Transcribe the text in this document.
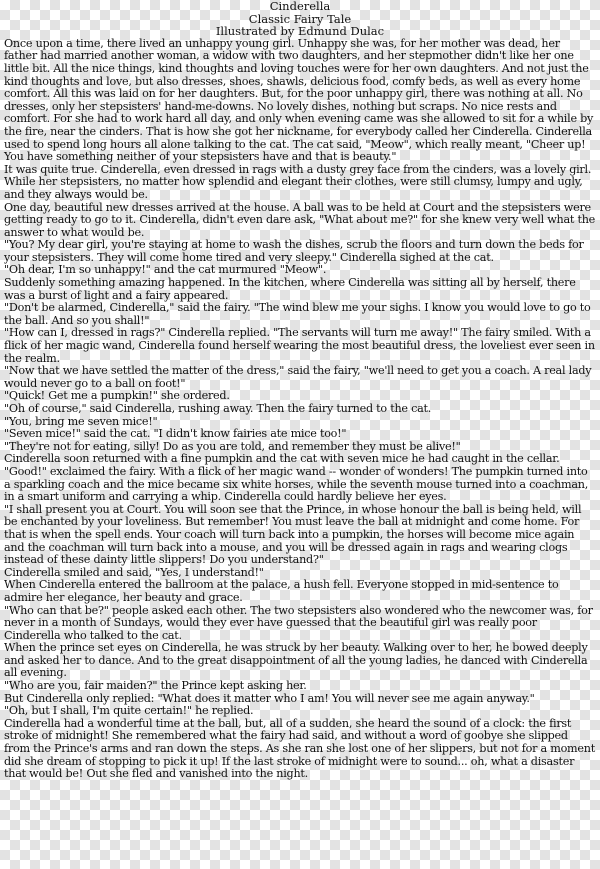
Cinderella
Classic Fairy Tale
Illustrated by Edmund Dulac

Once upon a time, there lived an unhappy young girl. Unhappy she was, for her mother was dead, her father had married another woman, a widow with two daughters, and her stepmother didn't like her one little bit. All the nice things, kind thoughts and loving touches were for her own daughters. And not just the kind thoughts and love, but also dresses, shoes, shawls, delicious food, comfy beds, as well as every home comfort. All this was laid on for her daughters. But, for the poor unhappy girl, there was nothing at all. No dresses, only her stepsisters' hand-me-downs. No lovely dishes, nothing but scraps. No nice rests and comfort. For she had to work hard all day, and only when evening came was she allowed to sit for a while by the fire, near the cinders. That is how she got her nickname, for everybody called her Cinderella. Cinderella used to spend long hours all alone talking to the cat. The cat said, "Meow", which really meant, "Cheer up! You have something neither of your stepsisters have and that is beauty."

It was quite true. Cinderella, even dressed in rags with a dusty grey face from the cinders, was a lovely girl. While her stepsisters, no matter how splendid and elegant their clothes, were still clumsy, lumpy and ugly, and they always would be.

One day, beautiful new dresses arrived at the house. A ball was to be held at Court and the stepsisters were getting ready to go to it. Cinderella, didn't even dare ask, "What about me?" for she knew very well what the answer to what would be.

"You? My dear girl, you're staying at home to wash the dishes, scrub the floors and turn down the beds for your stepsisters. They will come home tired and very sleepy." Cinderella sighed at the cat.

"Oh dear, I'm so unhappy!" and the cat murmured "Meow".

Suddenly something amazing happened. In the kitchen, where Cinderella was sitting all by herself, there was a burst of light and a fairy appeared.

"Don't be alarmed, Cinderella," said the fairy. "The wind blew me your sighs. I know you would love to go to the ball. And so you shall!"

"How can I, dressed in rags?" Cinderella replied. "The servants will turn me away!" The fairy smiled. With a flick of her magic wand, Cinderella found herself wearing the most beautiful dress, the loveliest ever seen in the realm.

"Now that we have settled the matter of the dress," said the fairy, "we'll need to get you a coach. A real lady would never go to a ball on foot!"

"Quick! Get me a pumpkin!" she ordered.

"Oh of course," said Cinderella, rushing away. Then the fairy turned to the cat.

"You, bring me seven mice!"

"Seven mice!" said the cat. "I didn't know fairies ate mice too!"

"They're not for eating, silly! Do as you are told, and remember they must be alive!"

Cinderella soon returned with a fine pumpkin and the cat with seven mice he had caught in the cellar.

"Good!" exclaimed the fairy. With a flick of her magic wand -- wonder of wonders! The pumpkin turned into a sparkling coach and the mice became six white horses, while the seventh mouse turned into a coachman, in a smart uniform and carrying a whip. Cinderella could hardly believe her eyes.

"I shall present you at Court. You will soon see that the Prince, in whose honour the ball is being held, will be enchanted by your loveliness. But remember! You must leave the ball at midnight and come home. For that is when the spell ends. Your coach will turn back into a pumpkin, the horses will become mice again and the coachman will turn back into a mouse, and you will be dressed again in rags and wearing clogs instead of these dainty little slippers! Do you understand?"

Cinderella smiled and said, "Yes, I understand!"

When Cinderella entered the ballroom at the palace, a hush fell. Everyone stopped in mid-sentence to admire her elegance, her beauty and grace.

"Who can that be?" people asked each other. The two stepsisters also wondered who the newcomer was, for never in a month of Sundays, would they ever have guessed that the beautiful girl was really poor Cinderella who talked to the cat.

When the prince set eyes on Cinderella, he was struck by her beauty. Walking over to her, he bowed deeply and asked her to dance. And to the great disappointment of all the young ladies, he danced with Cinderella all evening.

"Who are you, fair maiden?" the Prince kept asking her.

But Cinderella only replied: "What does it matter who I am! You will never see me again anyway."

"Oh, but I shall, I'm quite certain!" he replied.

Cinderella had a wonderful time at the ball, but, all of a sudden, she heard the sound of a clock: the first stroke of midnight! She remembered what the fairy had said, and without a word of goobye she slipped from the Prince's arms and ran down the steps. As she ran she lost one of her slippers, but not for a moment did she dream of stopping to pick it up! If the last stroke of midnight were to sound... oh, what a disaster that would be! Out she fled and vanished into the night.
